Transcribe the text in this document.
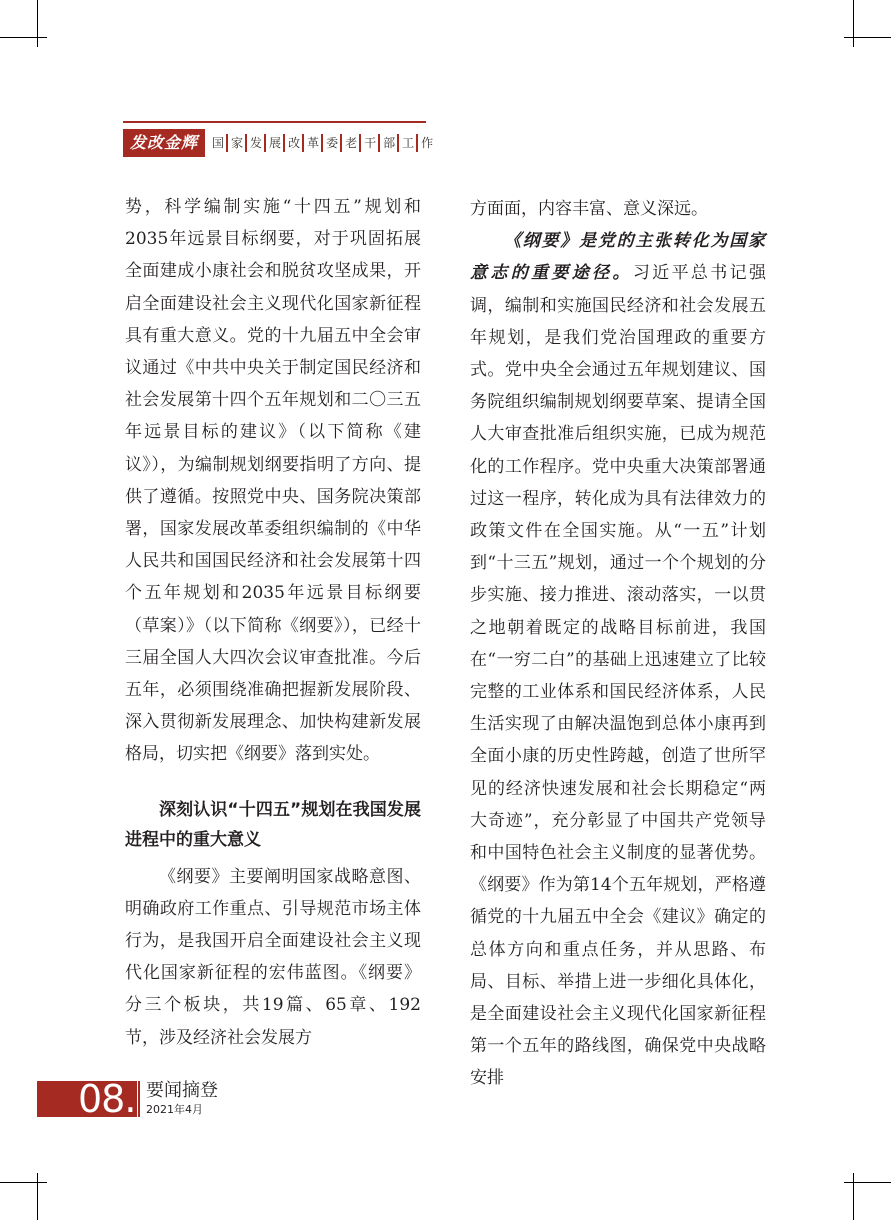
发改金辉	国 家 发 展 改 革 委 老 干 部 工 作

势，科学编制实施“十四五”规划和2035年远景目标纲要，对于巩固拓展全面建成小康社会和脱贫攻坚成果，开启全面建设社会主义现代化国家新征程具有重大意义。党的十九届五中全会审议通过《中共中央关于制定国民经济和社会发展第十四个五年规划和二〇三五年远景目标的建议》（以下简称《建议》），为编制规划纲要指明了方向、提供了遵循。按照党中央、国务院决策部署，国家发展改革委组织编制的《中华人民共和国国民经济和社会发展第十四个五年规划和2035年远景目标纲要（草案）》（以下简称《纲要》），已经十三届全国人大四次会议审查批准。今后五年，必须围绕准确把握新发展阶段、深入贯彻新发展理念、加快构建新发展格局，切实把《纲要》落到实处。

深刻认识“十四五”规划在我国发展进程中的重大意义

《纲要》主要阐明国家战略意图、明确政府工作重点、引导规范市场主体行为，是我国开启全面建设社会主义现代化国家新征程的宏伟蓝图。《纲要》分三个板块，共19篇、65章、192节，涉及经济社会发展方

方面面，内容丰富、意义深远。

《纲要》是党的主张转化为国家意志的重要途径。习近平总书记强调，编制和实施国民经济和社会发展五年规划，是我们党治国理政的重要方式。党中央全会通过五年规划建议、国务院组织编制规划纲要草案、提请全国人大审查批准后组织实施，已成为规范化的工作程序。党中央重大决策部署通过这一程序，转化成为具有法律效力的政策文件在全国实施。从“一五”计划到“十三五”规划，通过一个个规划的分步实施、接力推进、滚动落实，一以贯之地朝着既定的战略目标前进，我国在“一穷二白”的基础上迅速建立了比较完整的工业体系和国民经济体系，人民生活实现了由解决温饱到总体小康再到全面小康的历史性跨越，创造了世所罕见的经济快速发展和社会长期稳定“两大奇迹”，充分彰显了中国共产党领导和中国特色社会主义制度的显著优势。《纲要》作为第14个五年规划，严格遵循党的十九届五中全会《建议》确定的总体方向和重点任务，并从思路、布局、目标、举措上进一步细化具体化，是全面建设社会主义现代化国家新征程第一个五年的路线图，确保党中央战略安排

08. 要闻摘登
2021年4月
